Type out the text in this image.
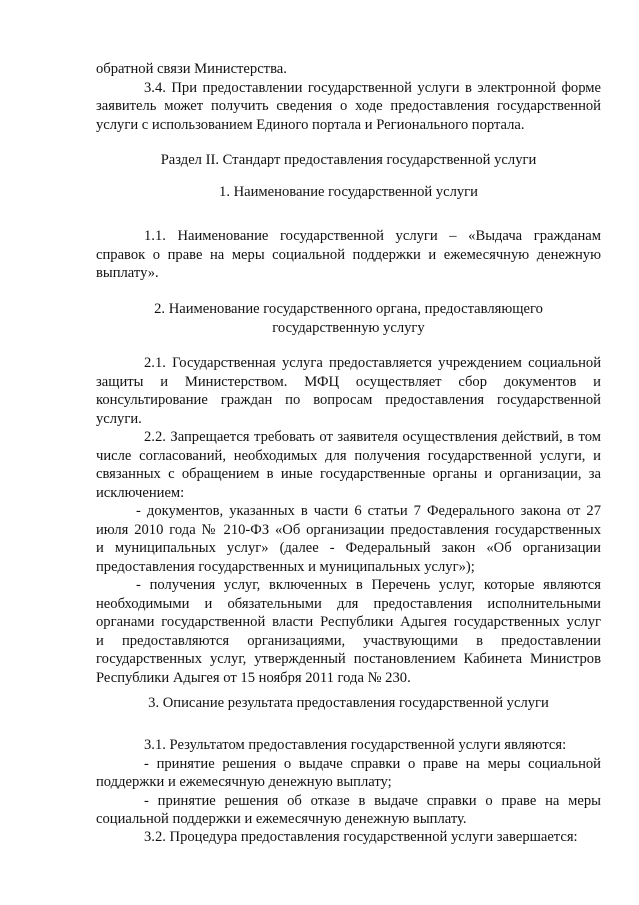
обратной связи Министерства.

3.4. При предоставлении государственной услуги в электронной форме заявитель может получить сведения о ходе предоставления государственной услуги с использованием Единого портала и Регионального портала.

Раздел II. Стандарт предоставления государственной услуги
1. Наименование государственной услуги

1.1. Наименование государственной услуги – «Выдача гражданам справок о праве на меры социальной поддержки и ежемесячную денежную выплату».

2. Наименование государственного органа, предоставляющего
государственную услугу

2.1. Государственная услуга предоставляется учреждением социальной защиты и Министерством. МФЦ осуществляет сбор документов и консультирование граждан по вопросам предоставления государственной услуги.

2.2. Запрещается требовать от заявителя осуществления действий, в том

числе согласований, необходимых для получения государственной услуги, и

связанных с обращением в иные государственные органы и организации, за

исключением:

- документов, указанных в части 6 статьи 7 Федерального закона от 27

июля 2010 года № 210-ФЗ «Об организации предоставления государственных

и муниципальных услуг» (далее - Федеральный закон «Об организации

предоставления государственных и муниципальных услуг»);

- получения услуг, включенных в Перечень услуг, которые являются

необходимыми и обязательными для предоставления исполнительными

органами государственной власти Республики Адыгея государственных услуг

и предоставляются организациями, участвующими в предоставлении

государственных услуг, утвержденный постановлением Кабинета Министров

Республики Адыгея от 15 ноября 2011 года № 230.

3. Описание результата предоставления государственной услуги

3.1. Результатом предоставления государственной услуги являются:

- принятие решения о выдаче справки о праве на меры социальной

поддержки и ежемесячную денежную выплату;

- принятие решения об отказе в выдаче справки о праве на меры

социальной поддержки и ежемесячную денежную выплату.

3.2. Процедура предоставления государственной услуги завершается:
